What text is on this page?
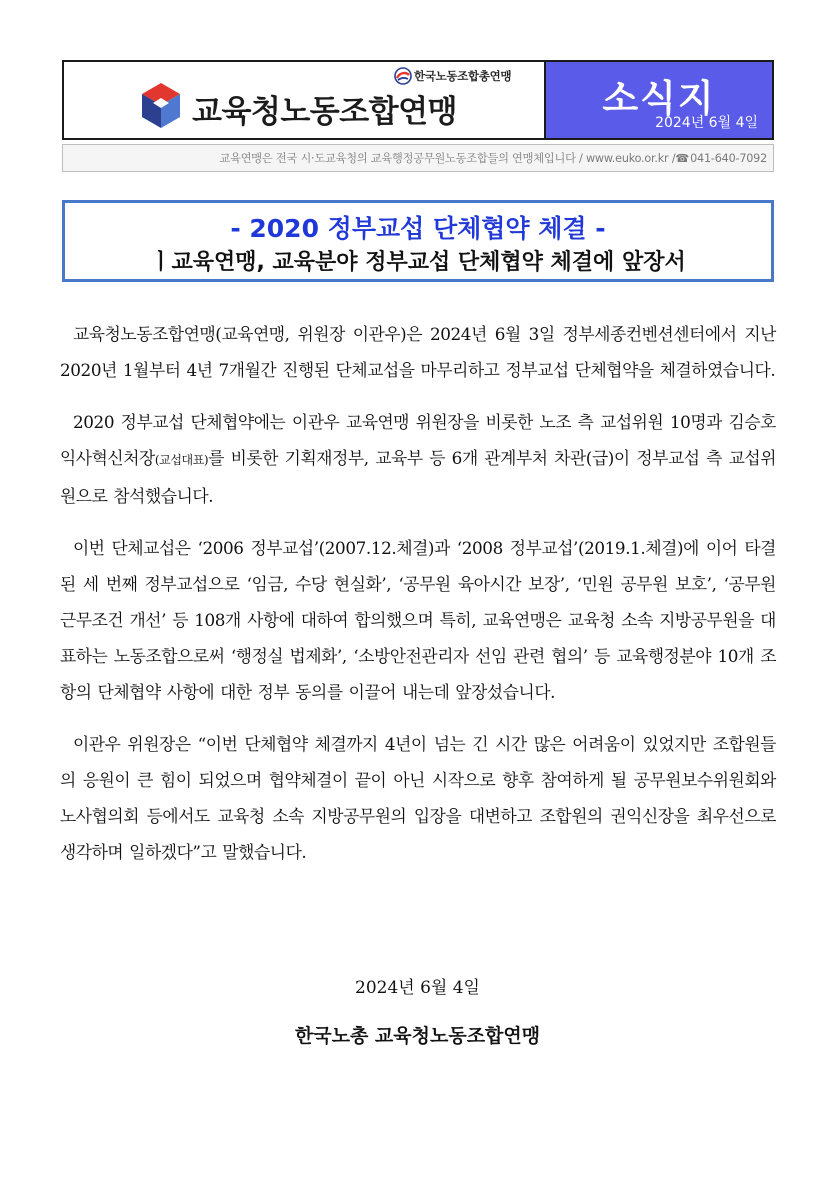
한국노동조합총연맹
교육청노동조합연맹	소식지
2024년 6월 4일
교육연맹은 전국 시·도교육청의 교육행정공무원노동조합들의 연맹체입니다 / www.euko.or.kr / ☎ 041-640-7092
- 2020 정부교섭 단체협약 체결 -
ㅣ교육연맹, 교육분야 정부교섭 단체협약 체결에 앞장서

교육청노동조합연맹(교육연맹, 위원장 이관우)은 2024년 6월 3일 정부세종컨벤션센터에서 지난 2020년 1월부터 4년 7개월간 진행된 단체교섭을 마무리하고 정부교섭 단체협약을 체결하였습니다.

2020 정부교섭 단체협약에는 이관우 교육연맹 위원장을 비롯한 노조 측 교섭위원 10명과 김승호 익사혁신처장(교섭대표)를 비롯한 기획재정부, 교육부 등 6개 관계부처 차관(급)이 정부교섭 측 교섭위원으로 참석했습니다.

이번 단체교섭은 ‘2006 정부교섭’(2007.12.체결)과 ‘2008 정부교섭’(2019.1.체결)에 이어 타결된 세 번째 정부교섭으로 ‘임금, 수당 현실화’, ‘공무원 육아시간 보장’, ‘민원 공무원 보호’, ‘공무원 근무조건 개선’ 등 108개 사항에 대하여 합의했으며 특히, 교육연맹은 교육청 소속 지방공무원을 대표하는 노동조합으로써 ‘행정실 법제화’, ‘소방안전관리자 선임 관련 협의’ 등 교육행정분야 10개 조항의 단체협약 사항에 대한 정부 동의를 이끌어 내는데 앞장섰습니다.

이관우 위원장은 “이번 단체협약 체결까지 4년이 넘는 긴 시간 많은 어려움이 있었지만 조합원들의 응원이 큰 힘이 되었으며 협약체결이 끝이 아닌 시작으로 향후 참여하게 될 공무원보수위원회와 노사협의회 등에서도 교육청 소속 지방공무원의 입장을 대변하고 조합원의 권익신장을 최우선으로 생각하며 일하겠다”고 말했습니다.

2024년 6월 4일
한국노총 교육청노동조합연맹
